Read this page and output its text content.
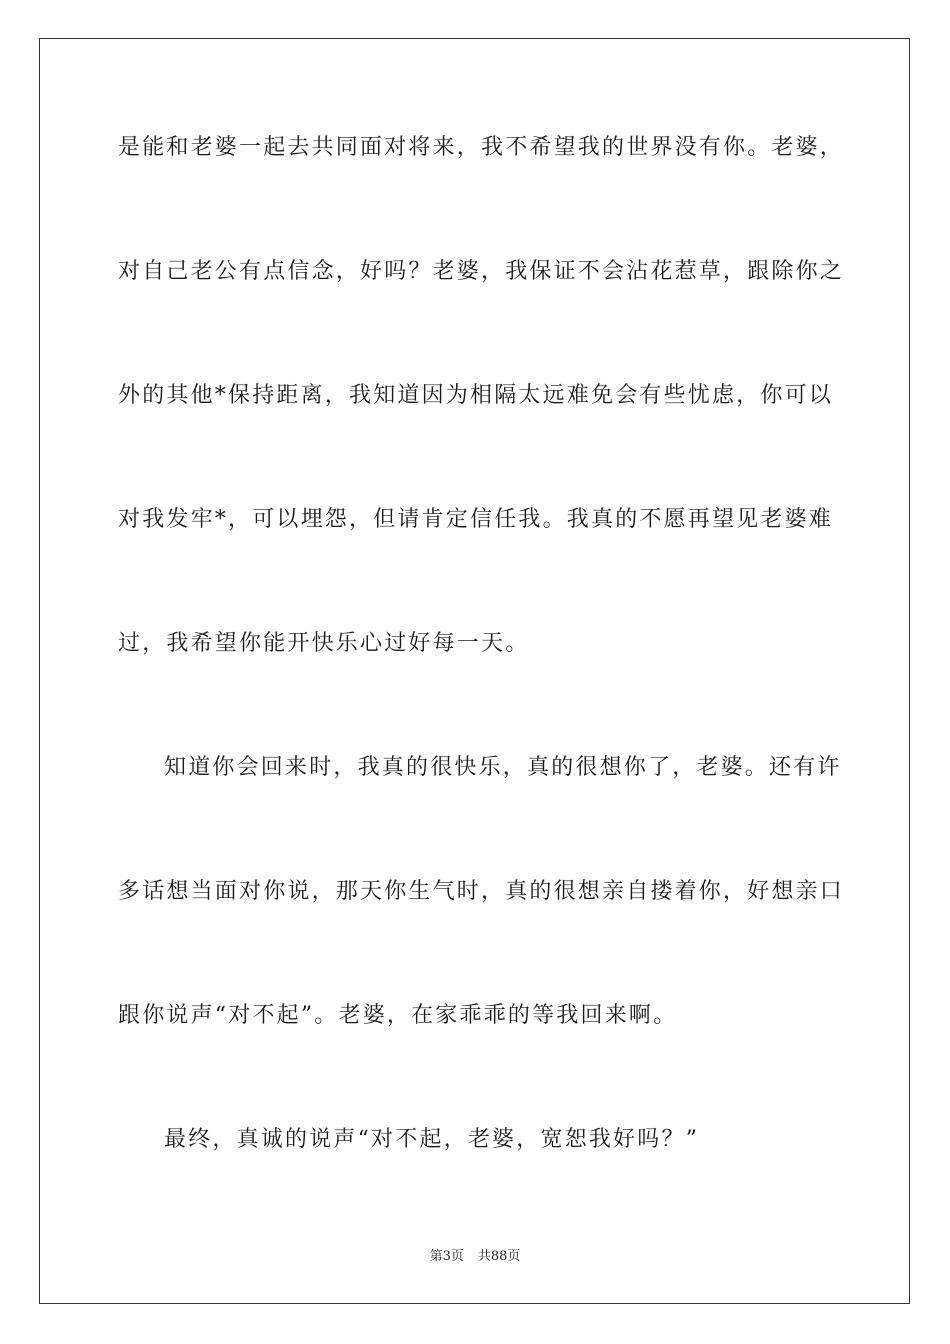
是能和老婆一起去共同面对将来，我不希望我的世界没有你。老婆，
对自己老公有点信念，好吗？老婆，我保证不会沾花惹草，跟除你之
外的其他*保持距离，我知道因为相隔太远难免会有些忧虑，你可以
对我发牢*，可以埋怨，但请肯定信任我。我真的不愿再望见老婆难
过，我希望你能开快乐心过好每一天。
知道你会回来时，我真的很快乐，真的很想你了，老婆。还有许
多话想当面对你说，那天你生气时，真的很想亲自搂着你，好想亲口
跟你说声“对不起”。老婆，在家乖乖的等我回来啊。
最终，真诚的说声“对不起，老婆，宽恕我好吗？”
第3页 共88页
